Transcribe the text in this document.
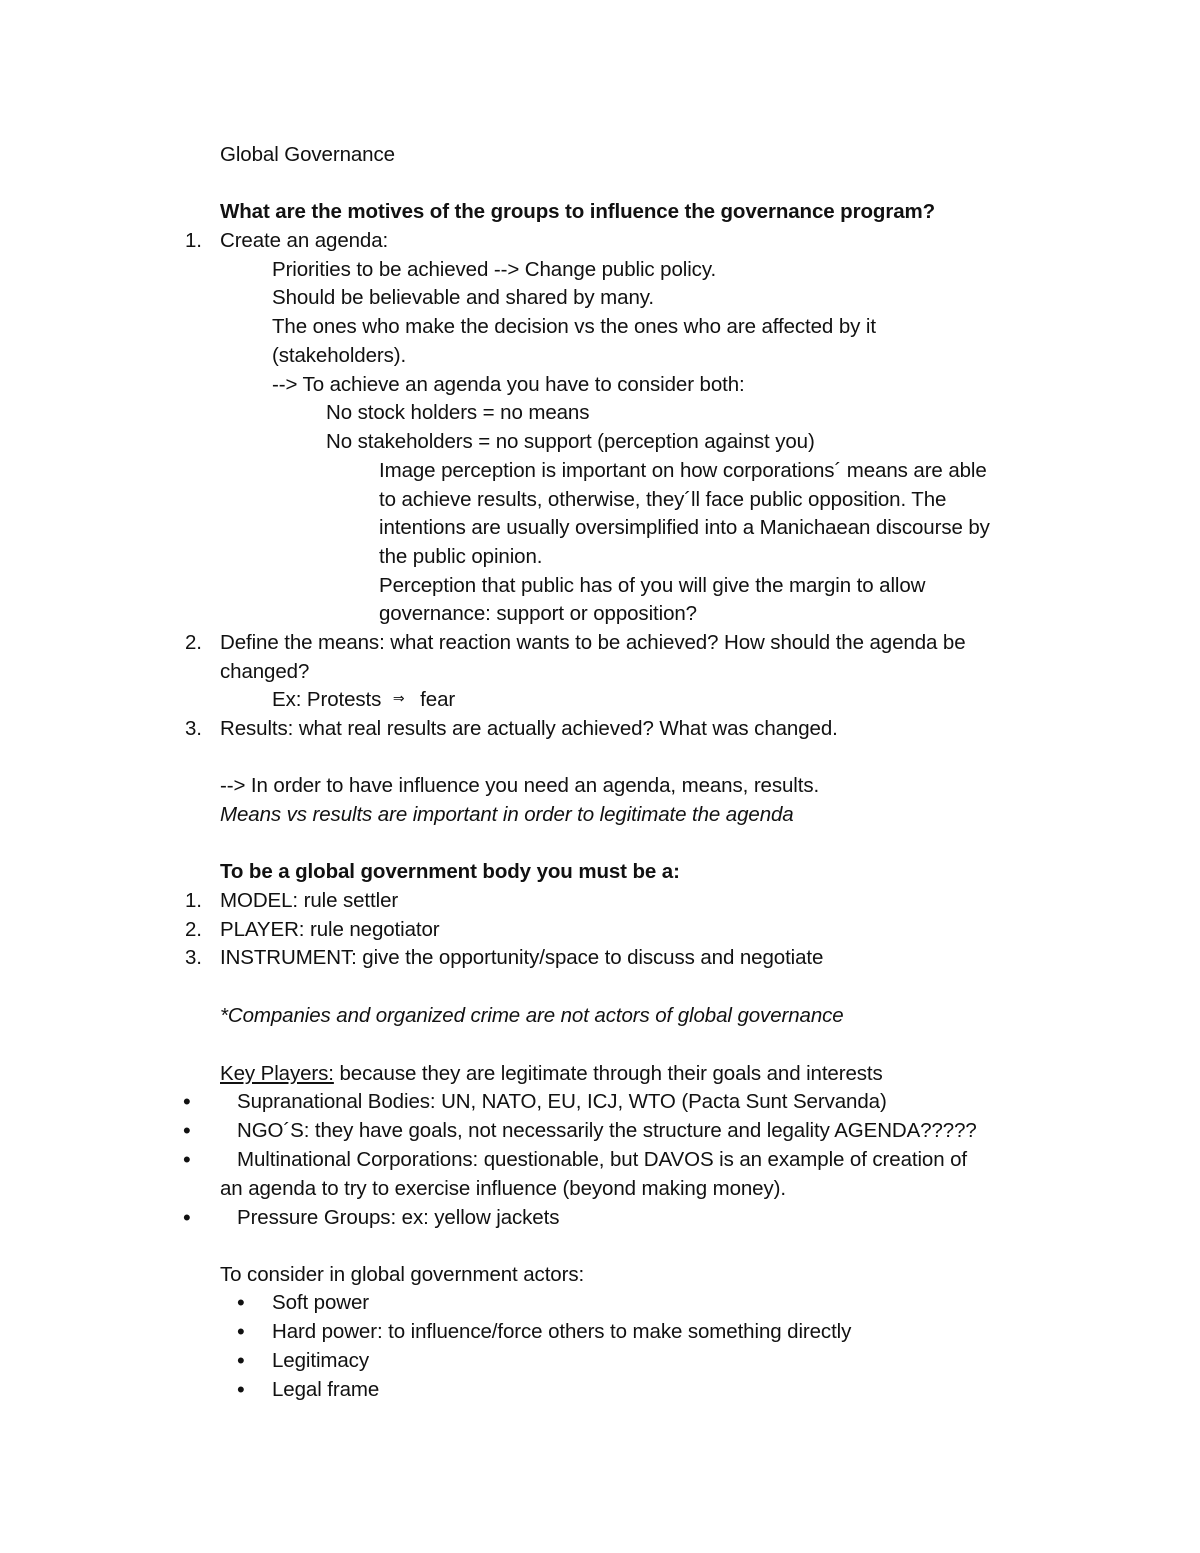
Global Governance
What are the motives of the groups to influence the governance program?
1. Create an agenda:
Priorities to be achieved --> Change public policy.
Should be believable and shared by many.
The ones who make the decision vs the ones who are affected by it
(stakeholders).
--> To achieve an agenda you have to consider both:
No stock holders = no means
No stakeholders = no support (perception against you)
Image perception is important on how corporations´ means are able
to achieve results, otherwise, they´ll face public opposition. The
intentions are usually oversimplified into a Manichaean discourse by
the public opinion.
Perception that public has of you will give the margin to allow
governance: support or opposition?
2. Define the means: what reaction wants to be achieved? How should the agenda be
changed?
Ex: Protests ⇒ fear
3. Results: what real results are actually achieved? What was changed.
--> In order to have influence you need an agenda, means, results.
Means vs results are important in order to legitimate the agenda
To be a global government body you must be a:
1. MODEL: rule settler
2. PLAYER: rule negotiator
3. INSTRUMENT: give the opportunity/space to discuss and negotiate
*Companies and organized crime are not actors of global governance
Key Players: because they are legitimate through their goals and interests
• Supranational Bodies: UN, NATO, EU, ICJ, WTO (Pacta Sunt Servanda)
• NGO´S: they have goals, not necessarily the structure and legality AGENDA?????
• Multinational Corporations: questionable, but DAVOS is an example of creation of
an agenda to try to exercise influence (beyond making money).
• Pressure Groups: ex: yellow jackets
To consider in global government actors:
• Soft power
• Hard power: to influence/force others to make something directly
• Legitimacy
• Legal frame
